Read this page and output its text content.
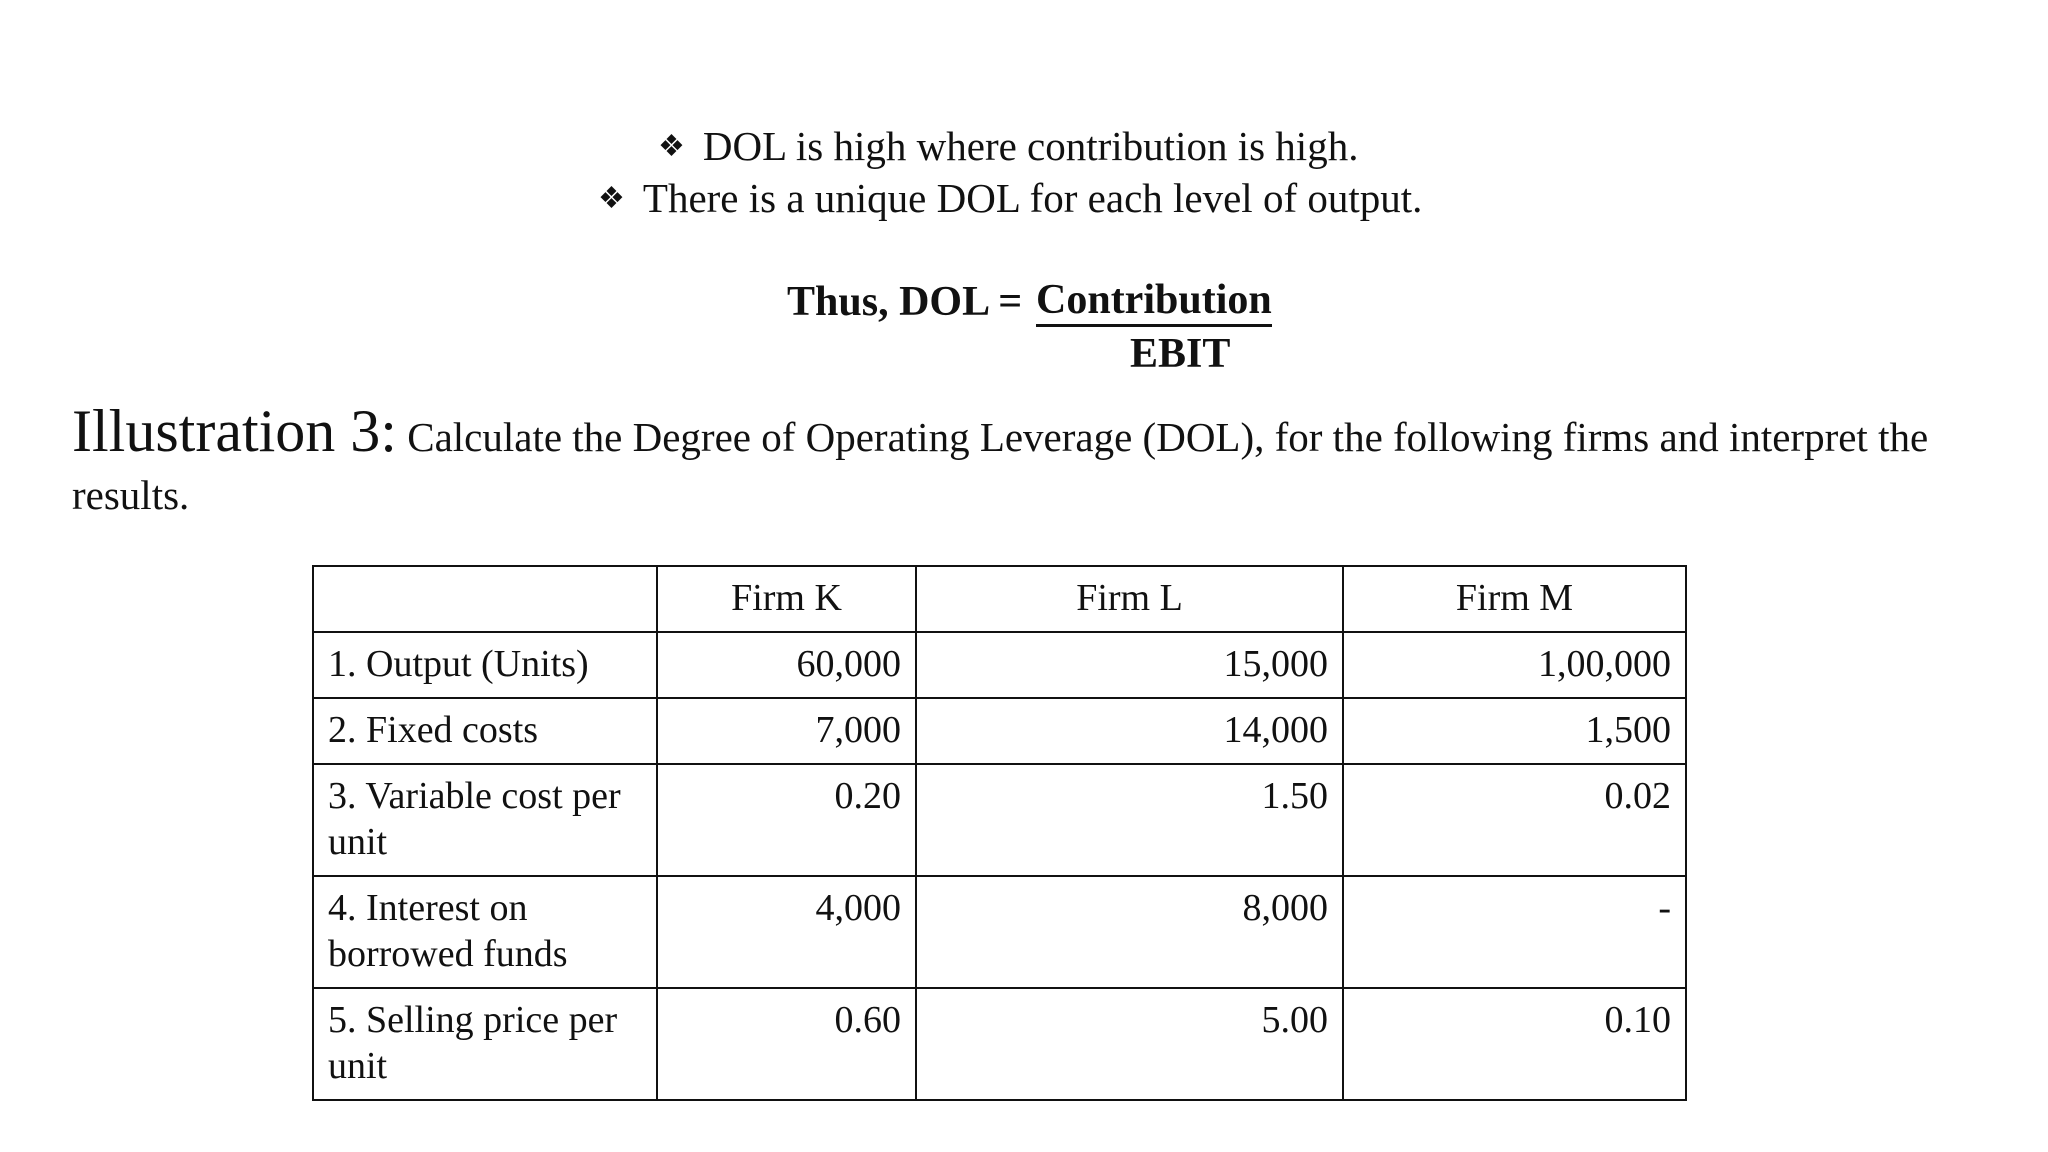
❖ DOL is high where contribution is high.
❖ There is a unique DOL for each level of output.
Thus, DOL = Contribution
EBIT
Illustration 3: Calculate the Degree of Operating Leverage (DOL), for the following firms and interpret the results.
	Firm K	Firm L	Firm M
1. Output (Units)	60,000	15,000	1,00,000
2. Fixed costs	7,000	14,000	1,500
3. Variable cost per unit	0.20	1.50	0.02
4. Interest on borrowed funds	4,000	8,000	-
5. Selling price per unit	0.60	5.00	0.10
